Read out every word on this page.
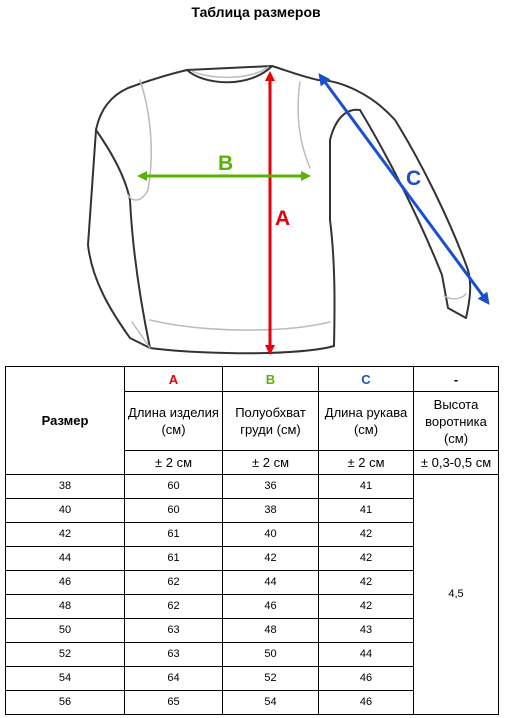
Таблица размеров
A
B
C
Размер	A	B	C	-
	Длина изделия (см)	Полуобхват груди (см)	Длина рукава (см)	Высота воротника (см)
	± 2 см	± 2 см	± 2 см	± 0,3-0,5 см
38	60	36	41	4,5
40	60	38	41	
42	61	40	42	
44	61	42	42	
46	62	44	42	
48	62	46	42	
50	63	48	43	
52	63	50	44	
54	64	52	46	
56	65	54	46	
